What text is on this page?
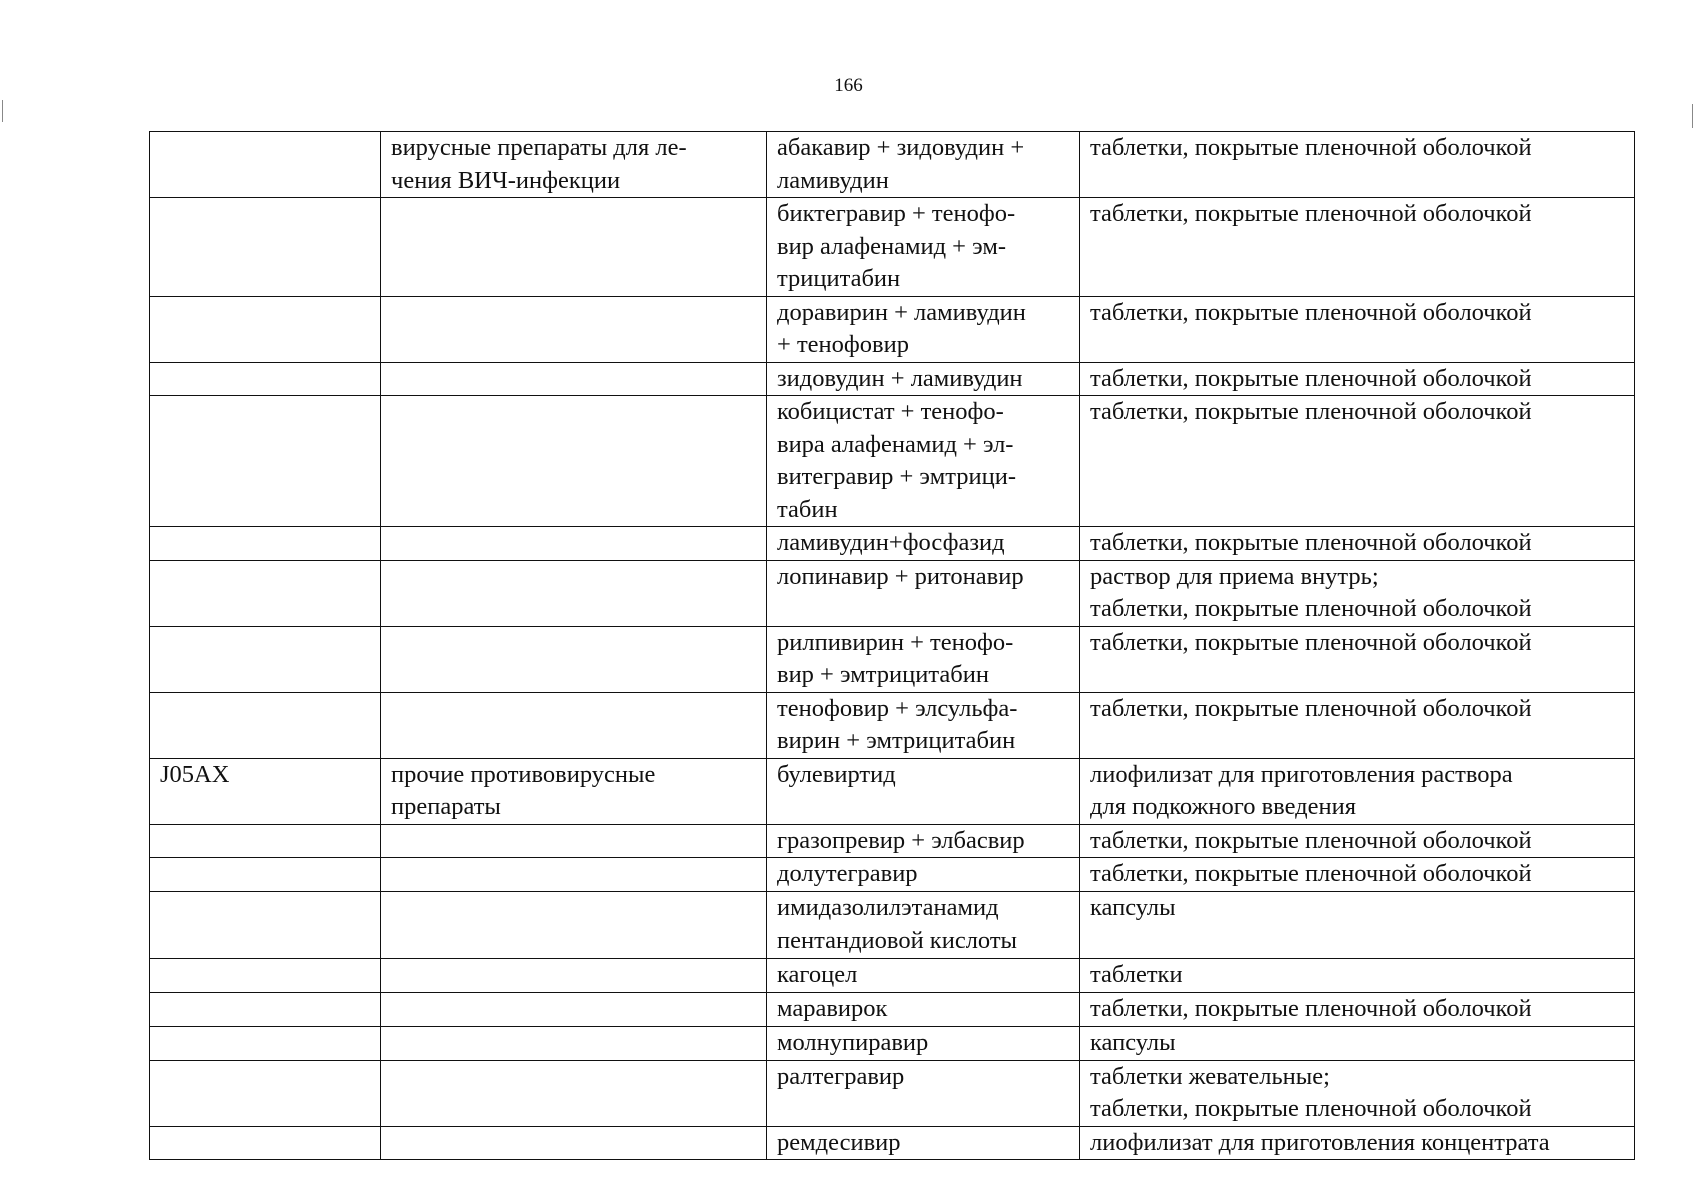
166
	вирусные препараты для ле-
чения ВИЧ-инфекции	абакавир + зидовудин +
ламивудин	таблетки, покрытые пленочной оболочкой
		биктегравир + тенофо-
вир алафенамид + эм-
трицитабин	таблетки, покрытые пленочной оболочкой
		доравирин + ламивудин
+ тенофовир	таблетки, покрытые пленочной оболочкой
		зидовудин + ламивудин	таблетки, покрытые пленочной оболочкой
		кобицистат + тенофо-
вира алафенамид + эл-
витегравир + эмтрици-
табин	таблетки, покрытые пленочной оболочкой
		ламивудин+фосфазид	таблетки, покрытые пленочной оболочкой
		лопинавир + ритонавир	раствор для приема внутрь;
таблетки, покрытые пленочной оболочкой
		рилпивирин + тенофо-
вир + эмтрицитабин	таблетки, покрытые пленочной оболочкой
		тенофовир + элсульфа-
вирин + эмтрицитабин	таблетки, покрытые пленочной оболочкой
J05AX	прочие противовирусные
препараты	булевиртид	лиофилизат для приготовления раствора
для подкожного введения
		гразопревир + элбасвир	таблетки, покрытые пленочной оболочкой
		долутегравир	таблетки, покрытые пленочной оболочкой
		имидазолилэтанамид
пентандиовой кислоты	капсулы
		кагоцел	таблетки
		маравирок	таблетки, покрытые пленочной оболочкой
		молнупиравир	капсулы
		ралтегравир	таблетки жевательные;
таблетки, покрытые пленочной оболочкой
		ремдесивир	лиофилизат для приготовления концентрата
